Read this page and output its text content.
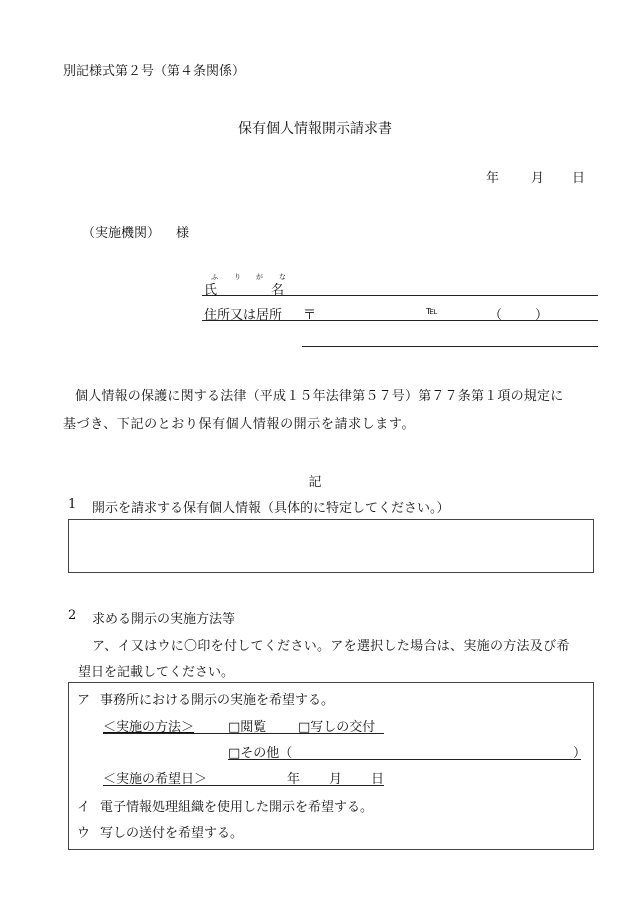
別記様式第２号（第４条関係）
保有個人情報開示請求書
年 月 日
（実施機関） 様
ふ り が な
氏	名
住所又は居所 〒	℡	（	）
個人情報の保護に関する法律（平成１５年法律第５７号）第７７条第１項の規定に
基づき、下記のとおり保有個人情報の開示を請求します。
記
1 開示を請求する保有個人情報（具体的に特定してください。）
2 求める開示の実施方法等
ア、イ又はウに〇印を付してください。アを選択した場合は、実施の方法及び希
望日を記載してください。
ア 事務所における開示の実施を希望する。
＜実施の方法＞	□閲覧 □写しの交付
□その他（	）
＜実施の希望日＞	年 月 日
イ 電子情報処理組織を使用した開示を希望する。
ウ 写しの送付を希望する。
